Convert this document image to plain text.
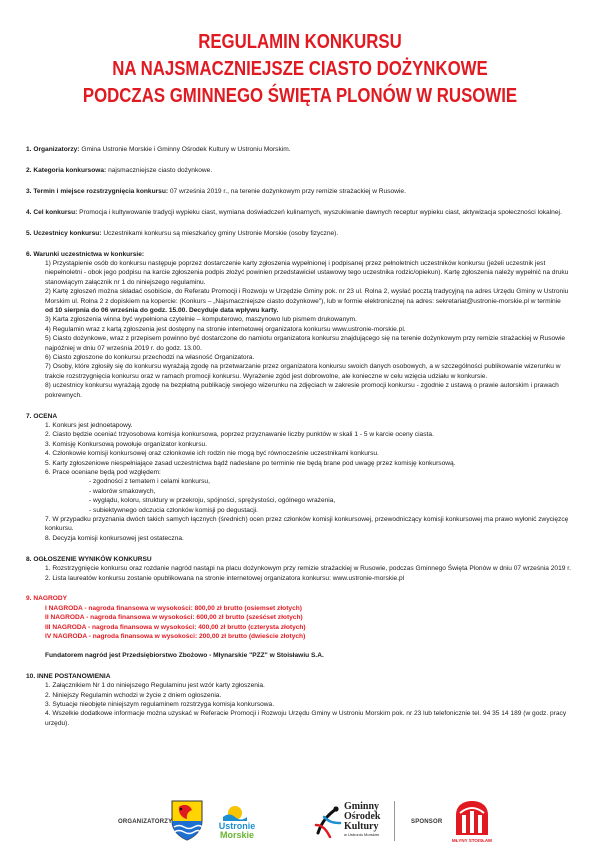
REGULAMIN KONKURSU
NA NAJSMACZNIEJSZE CIASTO DOŻYNKOWE
PODCZAS GMINNEGO ŚWIĘTA PLONÓW W RUSOWIE
1. Organizatorzy: Gmina Ustronie Morskie i Gminny Ośrodek Kultury w Ustroniu Morskim.
2. Kategoria konkursowa: najsmaczniejsze ciasto dożynkowe.
3. Termin i miejsce rozstrzygnięcia konkursu: 07 września 2019 r., na terenie dożynkowym przy remizie strażackiej w Rusowie.
4. Cel konkursu: Promocja i kultywowanie tradycji wypieku ciast, wymiana doświadczeń kulinarnych, wyszukiwanie dawnych receptur wypieku ciast, aktywizacja społeczności lokalnej.
5. Uczestnicy konkursu: Uczestnikami konkursu są mieszkańcy gminy Ustronie Morskie (osoby fizyczne).
6. Warunki uczestnictwa w konkursie:
1) Przystąpienie osób do konkursu następuje poprzez dostarczenie karty zgłoszenia wypełnionej i podpisanej przez pełnoletnich uczestników konkursu (jeżeli uczestnik jest niepełnoletni - obok jego podpisu na karcie zgłoszenia podpis złożyć powinien przedstawiciel ustawowy tego uczestnika rodzic/opiekun). Kartę zgłoszenia należy wypełnić na druku stanowiącym załącznik nr 1 do niniejszego regulaminu.
2) Kartę zgłoszeń można składać osobiście, do Referatu Promocji i Rozwoju w Urzędzie Gminy pok. nr 23 ul. Rolna 2, wysłać pocztą tradycyjną na adres Urzędu Gminy w Ustroniu Morskim ul. Rolna 2 z dopiskiem na kopercie: (Konkurs – „Najsmaczniejsze ciasto dożynkowe"), lub w formie elektronicznej na adres: sekretariat@ustronie-morskie.pl w terminie
od 10 sierpnia do 06 września do godz. 15.00. Decyduje data wpływu karty.
3) Karta zgłoszenia winna być wypełniona czytelnie – komputerowo, maszynowo lub pismem drukowanym.
4) Regulamin wraz z kartą zgłoszenia jest dostępny na stronie internetowej organizatora konkursu www.ustronie-morskie.pl.
5) Ciasto dożynkowe, wraz z przepisem powinno być dostarczone do namiotu organizatora konkursu znajdującego się na terenie dożynkowym przy remizie strażackiej w Rusowie najpóźniej w dniu 07 września 2019 r. do godz. 13.00.
6) Ciasto zgłoszone do konkursu przechodzi na własność Organizatora.
7) Osoby, które zgłosiły się do konkursu wyrażają zgodę na przetwarzanie przez organizatora konkursu swoich danych osobowych, a w szczególności publikowanie wizerunku w trakcie rozstrzygnięcia konkursu oraz w ramach promocji konkursu. Wyrażenie zgód jest dobrowolne, ale konieczne w celu wzięcia udziału w konkursie.
8) uczestnicy konkursu wyrażają zgodę na bezpłatną publikację swojego wizerunku na zdjęciach w zakresie promocji konkursu - zgodnie z ustawą o prawie autorskim i prawach pokrewnych.
7. OCENA
1. Konkurs jest jednoetapowy.
2. Ciasto będzie oceniać trzyosobowa komisja konkursowa, poprzez przyznawanie liczby punktów w skali 1 - 5 w karcie oceny ciasta.
3. Komisję Konkursową powołuje organizator konkursu.
4. Członkowie komisji konkursowej oraz członkowie ich rodzin nie mogą być równocześnie uczestnikami konkursu.
5. Karty zgłoszeniowe niespełniające zasad uczestnictwa bądź nadesłane po terminie nie będą brane pod uwagę przez komisję konkursową.
6. Prace oceniane będą pod względem:
- zgodności z tematem i celami konkursu,
- walorów smakowych,
- wyglądu, koloru, struktury w przekroju, spójności, sprężystości, ogólnego wrażenia,
- subiektywnego odczucia członków komisji po degustacji.
7. W przypadku przyznania dwóch takich samych łącznych (średnich) ocen przez członków komisji konkursowej, przewodniczący komisji konkursowej ma prawo wyłonić zwycięzcę konkursu.
8. Decyzja komisji konkursowej jest ostateczna.
8. OGŁOSZENIE WYNIKÓW KONKURSU
1. Rozstrzygnięcie konkursu oraz rozdanie nagród nastąpi na placu dożynkowym przy remizie strażackiej w Rusowie, podczas Gminnego Święta Plonów w dniu 07 września 2019 r.
2. Lista laureatów konkursu zostanie opublikowana na stronie internetowej organizatora konkursu: www.ustronie-morskie.pl
9. NAGRODY
I NAGRODA - nagroda finansowa w wysokości: 800,00 zł brutto (osiemset złotych)
II NAGRODA - nagroda finansowa w wysokości: 600,00 zł brutto (sześćset złotych)
III NAGRODA - nagroda finansowa w wysokości: 400,00 zł brutto (czterysta złotych)
IV NAGRODA - nagroda finansowa w wysokości: 200,00 zł brutto (dwieście złotych)
Fundatorem nagród jest Przedsiębiorstwo Zbożowo - Młynarskie "PZZ" w Stoisławiu S.A.
10. INNE POSTANOWIENIA
1. Załącznikiem Nr 1 do niniejszego Regulaminu jest wzór karty zgłoszenia.
2. Niniejszy Regulamin wchodzi w życie z dniem ogłoszenia.
3. Sytuacje nieobjęte niniejszym regulaminem rozstrzyga komisja konkursowa.
4. Wszelkie dodatkowe informacje można uzyskać w Referacie Promocji i Rozwoju Urzędu Gminy w Ustroniu Morskim pok. nr 23 lub telefonicznie tel. 94 35 14 189 (w godz. pracy urzędu).
ORGANIZATORZY	Ustronie
Morskie
Gminny
Ośrodek
Kultury
w Ustroniu Morskim
SPONSOR
MŁYNY STOISŁAW
